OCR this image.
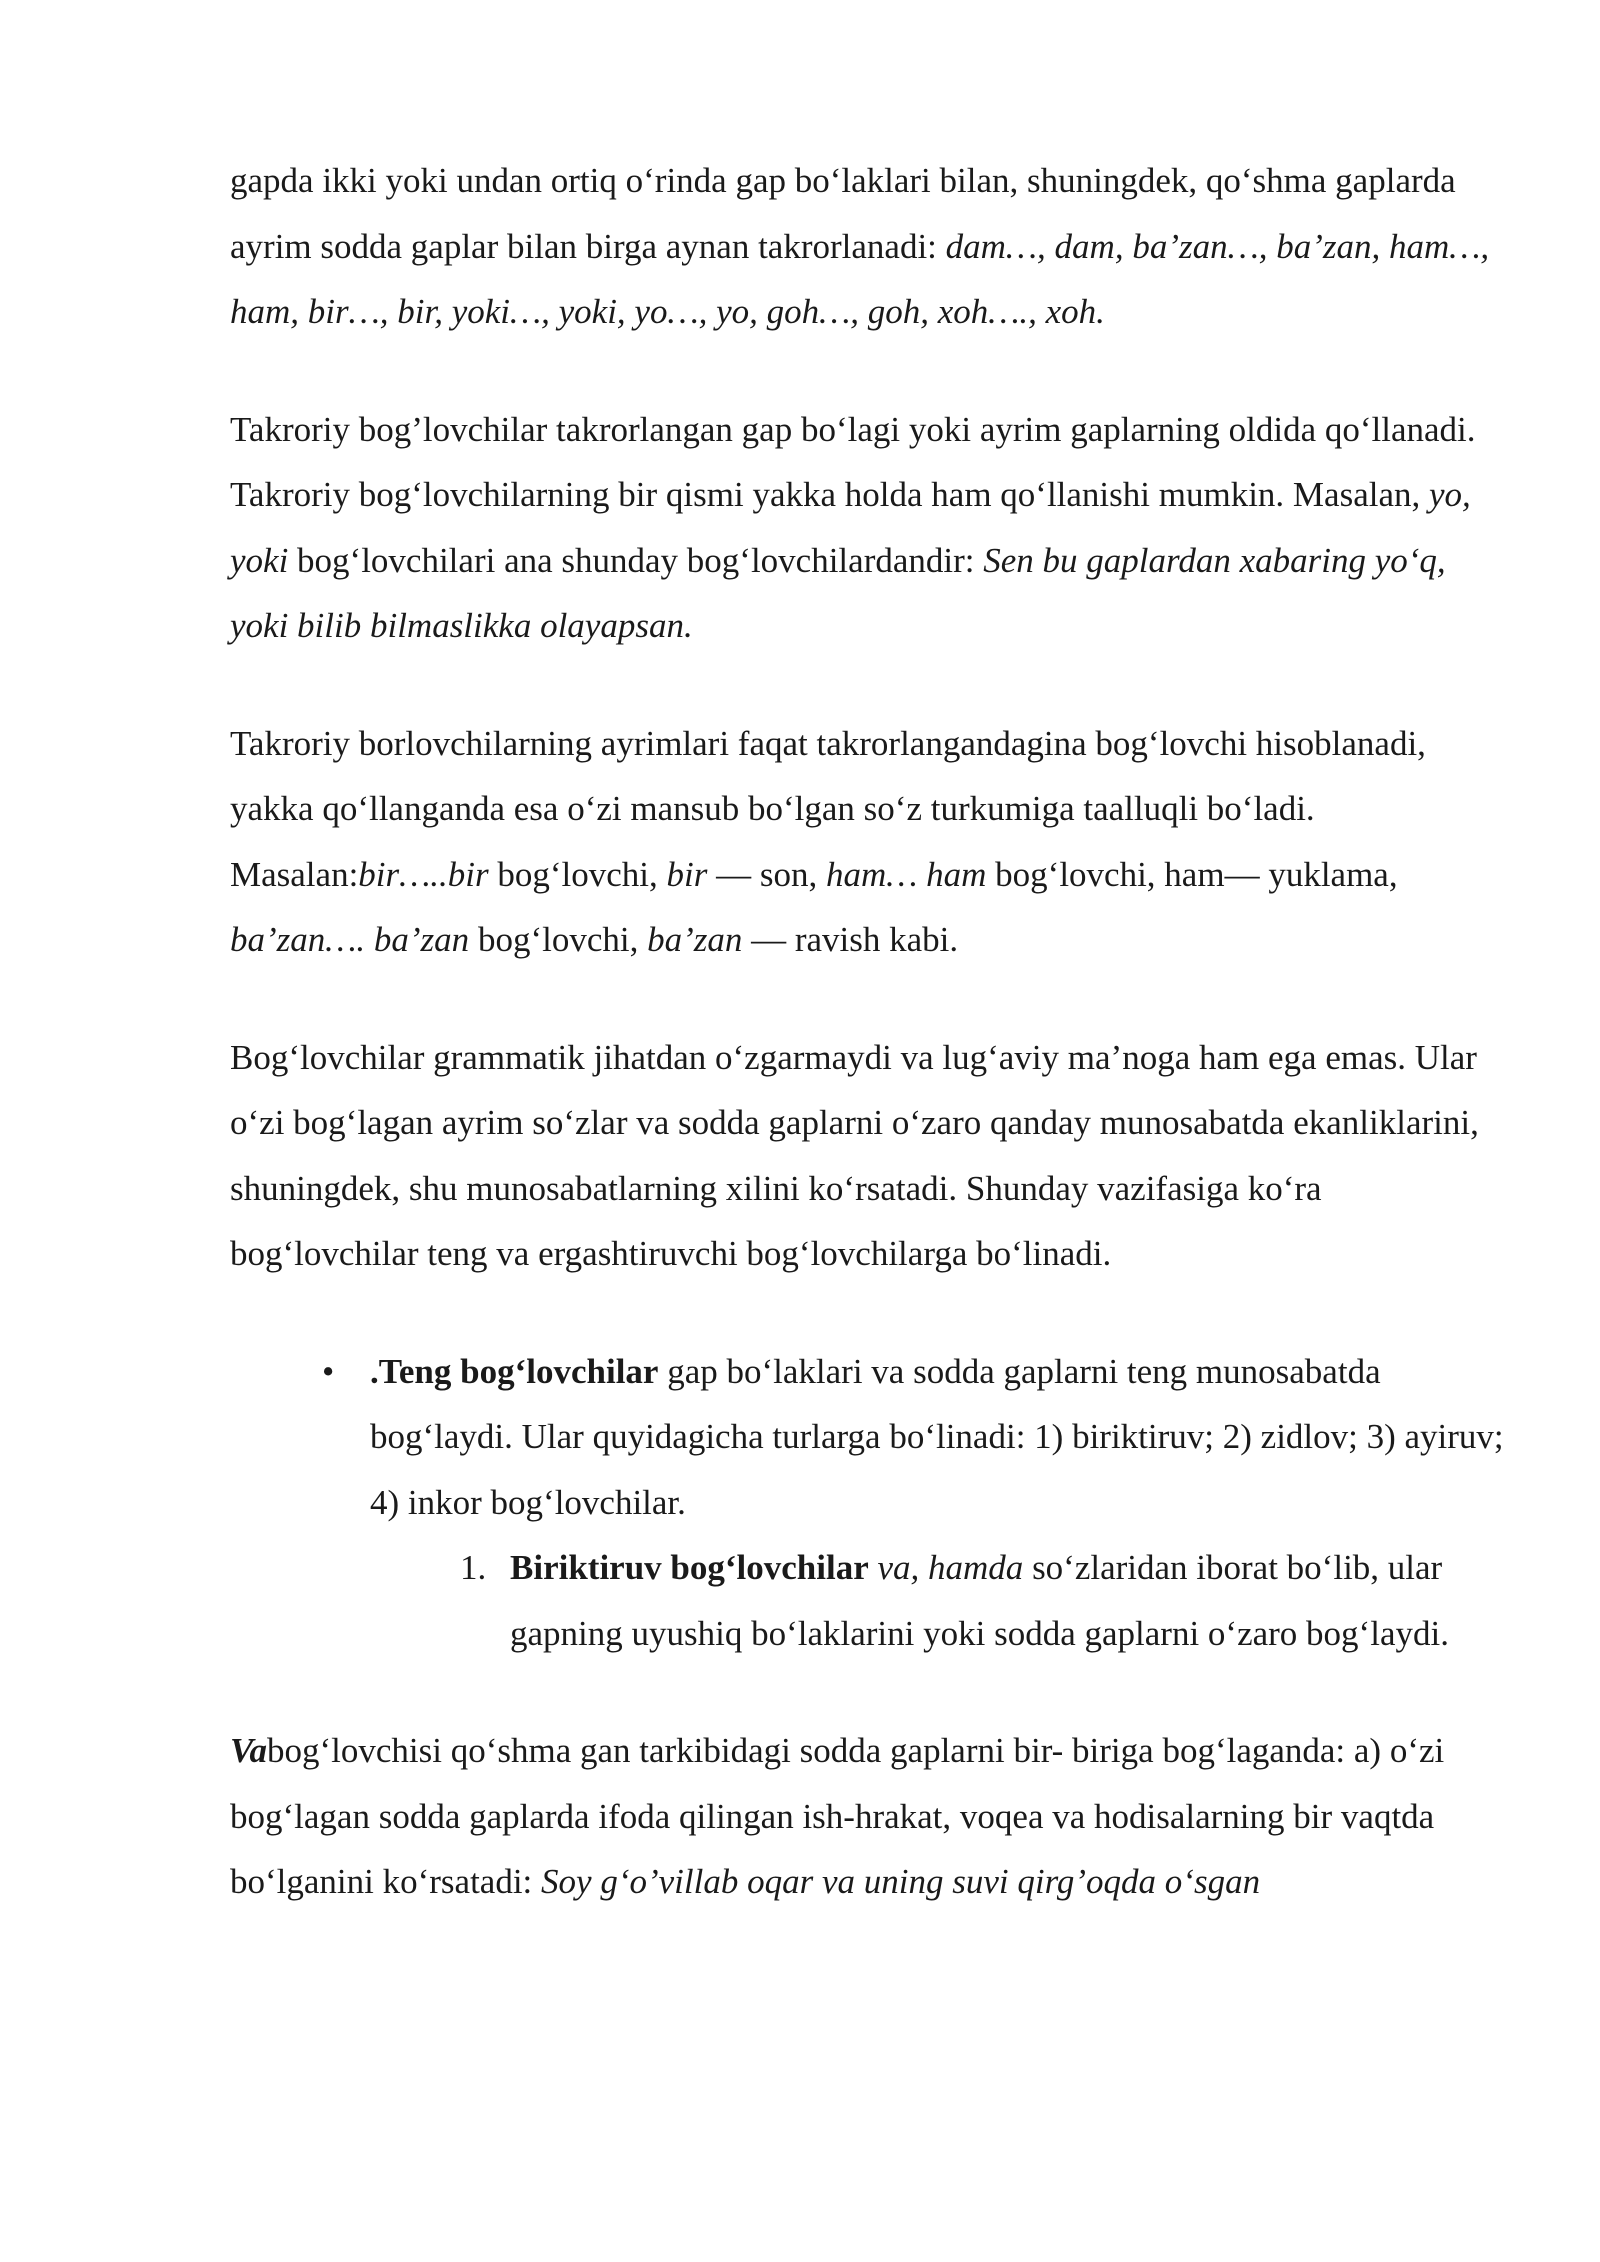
gapda ikki yoki undan ortiq o‘rinda gap bo‘laklari bilan, shuningdek, qo‘shma gaplarda ayrim sodda gaplar bilan birga aynan takrorlanadi: dam…, dam, ba’zan…, ba’zan, ham…, ham, bir…, bir, yoki…, yoki, yo…, yo, goh…, goh, xoh…., xoh.

Takroriy bog’lovchilar takrorlangan gap bo‘lagi yoki ayrim gaplarning oldida qo‘llanadi. Takroriy bog‘lovchilarning bir qismi yakka holda ham qo‘llanishi mumkin. Masalan, yo, yoki bog‘lovchilari ana shunday bog‘lovchilardandir: Sen bu gaplardan xabaring yo‘q, yoki bilib bilmaslikka olayapsan.

Takroriy borlovchilarning ayrimlari faqat takrorlangandagina bog‘lovchi hisoblanadi, yakka qo‘llanganda esa o‘zi mansub bo‘lgan so‘z turkumiga taalluqli bo‘ladi. Masalan:bir…..bir bog‘lovchi, bir — son, ham… ham bog‘lovchi, ham— yuklama, ba’zan…. ba’zan bog‘lovchi, ba’zan — ravish kabi.

Bog‘lovchilar grammatik jihatdan o‘zgarmaydi va lug‘aviy ma’noga ham ega emas. Ular o‘zi bog‘lagan ayrim so‘zlar va sodda gaplarni o‘zaro qanday munosabatda ekanliklarini, shuningdek, shu munosabatlarning xilini ko‘rsatadi. Shunday vazifasiga ko‘ra bog‘lovchilar teng va ergashtiruvchi bog‘lovchilarga bo‘linadi.

•	.Teng bog‘lovchilar gap bo‘laklari va sodda gaplarni teng munosabatda bog‘laydi. Ular quyidagicha turlarga bo‘linadi: 1) biriktiruv; 2) zidlov; 3) ayiruv; 4) inkor bog‘lovchilar.

1. Biriktiruv bog‘lovchilar va, hamda so‘zlaridan iborat bo‘lib, ular gapning uyushiq bo‘laklarini yoki sodda gaplarni o‘zaro bog‘laydi.

Vabog‘lovchisi qo‘shma gan tarkibidagi sodda gaplarni bir- biriga bog‘laganda: a) o‘zi bog‘lagan sodda gaplarda ifoda qilingan ish-hrakat, voqea va hodisalarning bir vaqtda bo‘lganini ko‘rsatadi: Soy g‘o’villab oqar va uning suvi qirg’oqda o‘sgan
